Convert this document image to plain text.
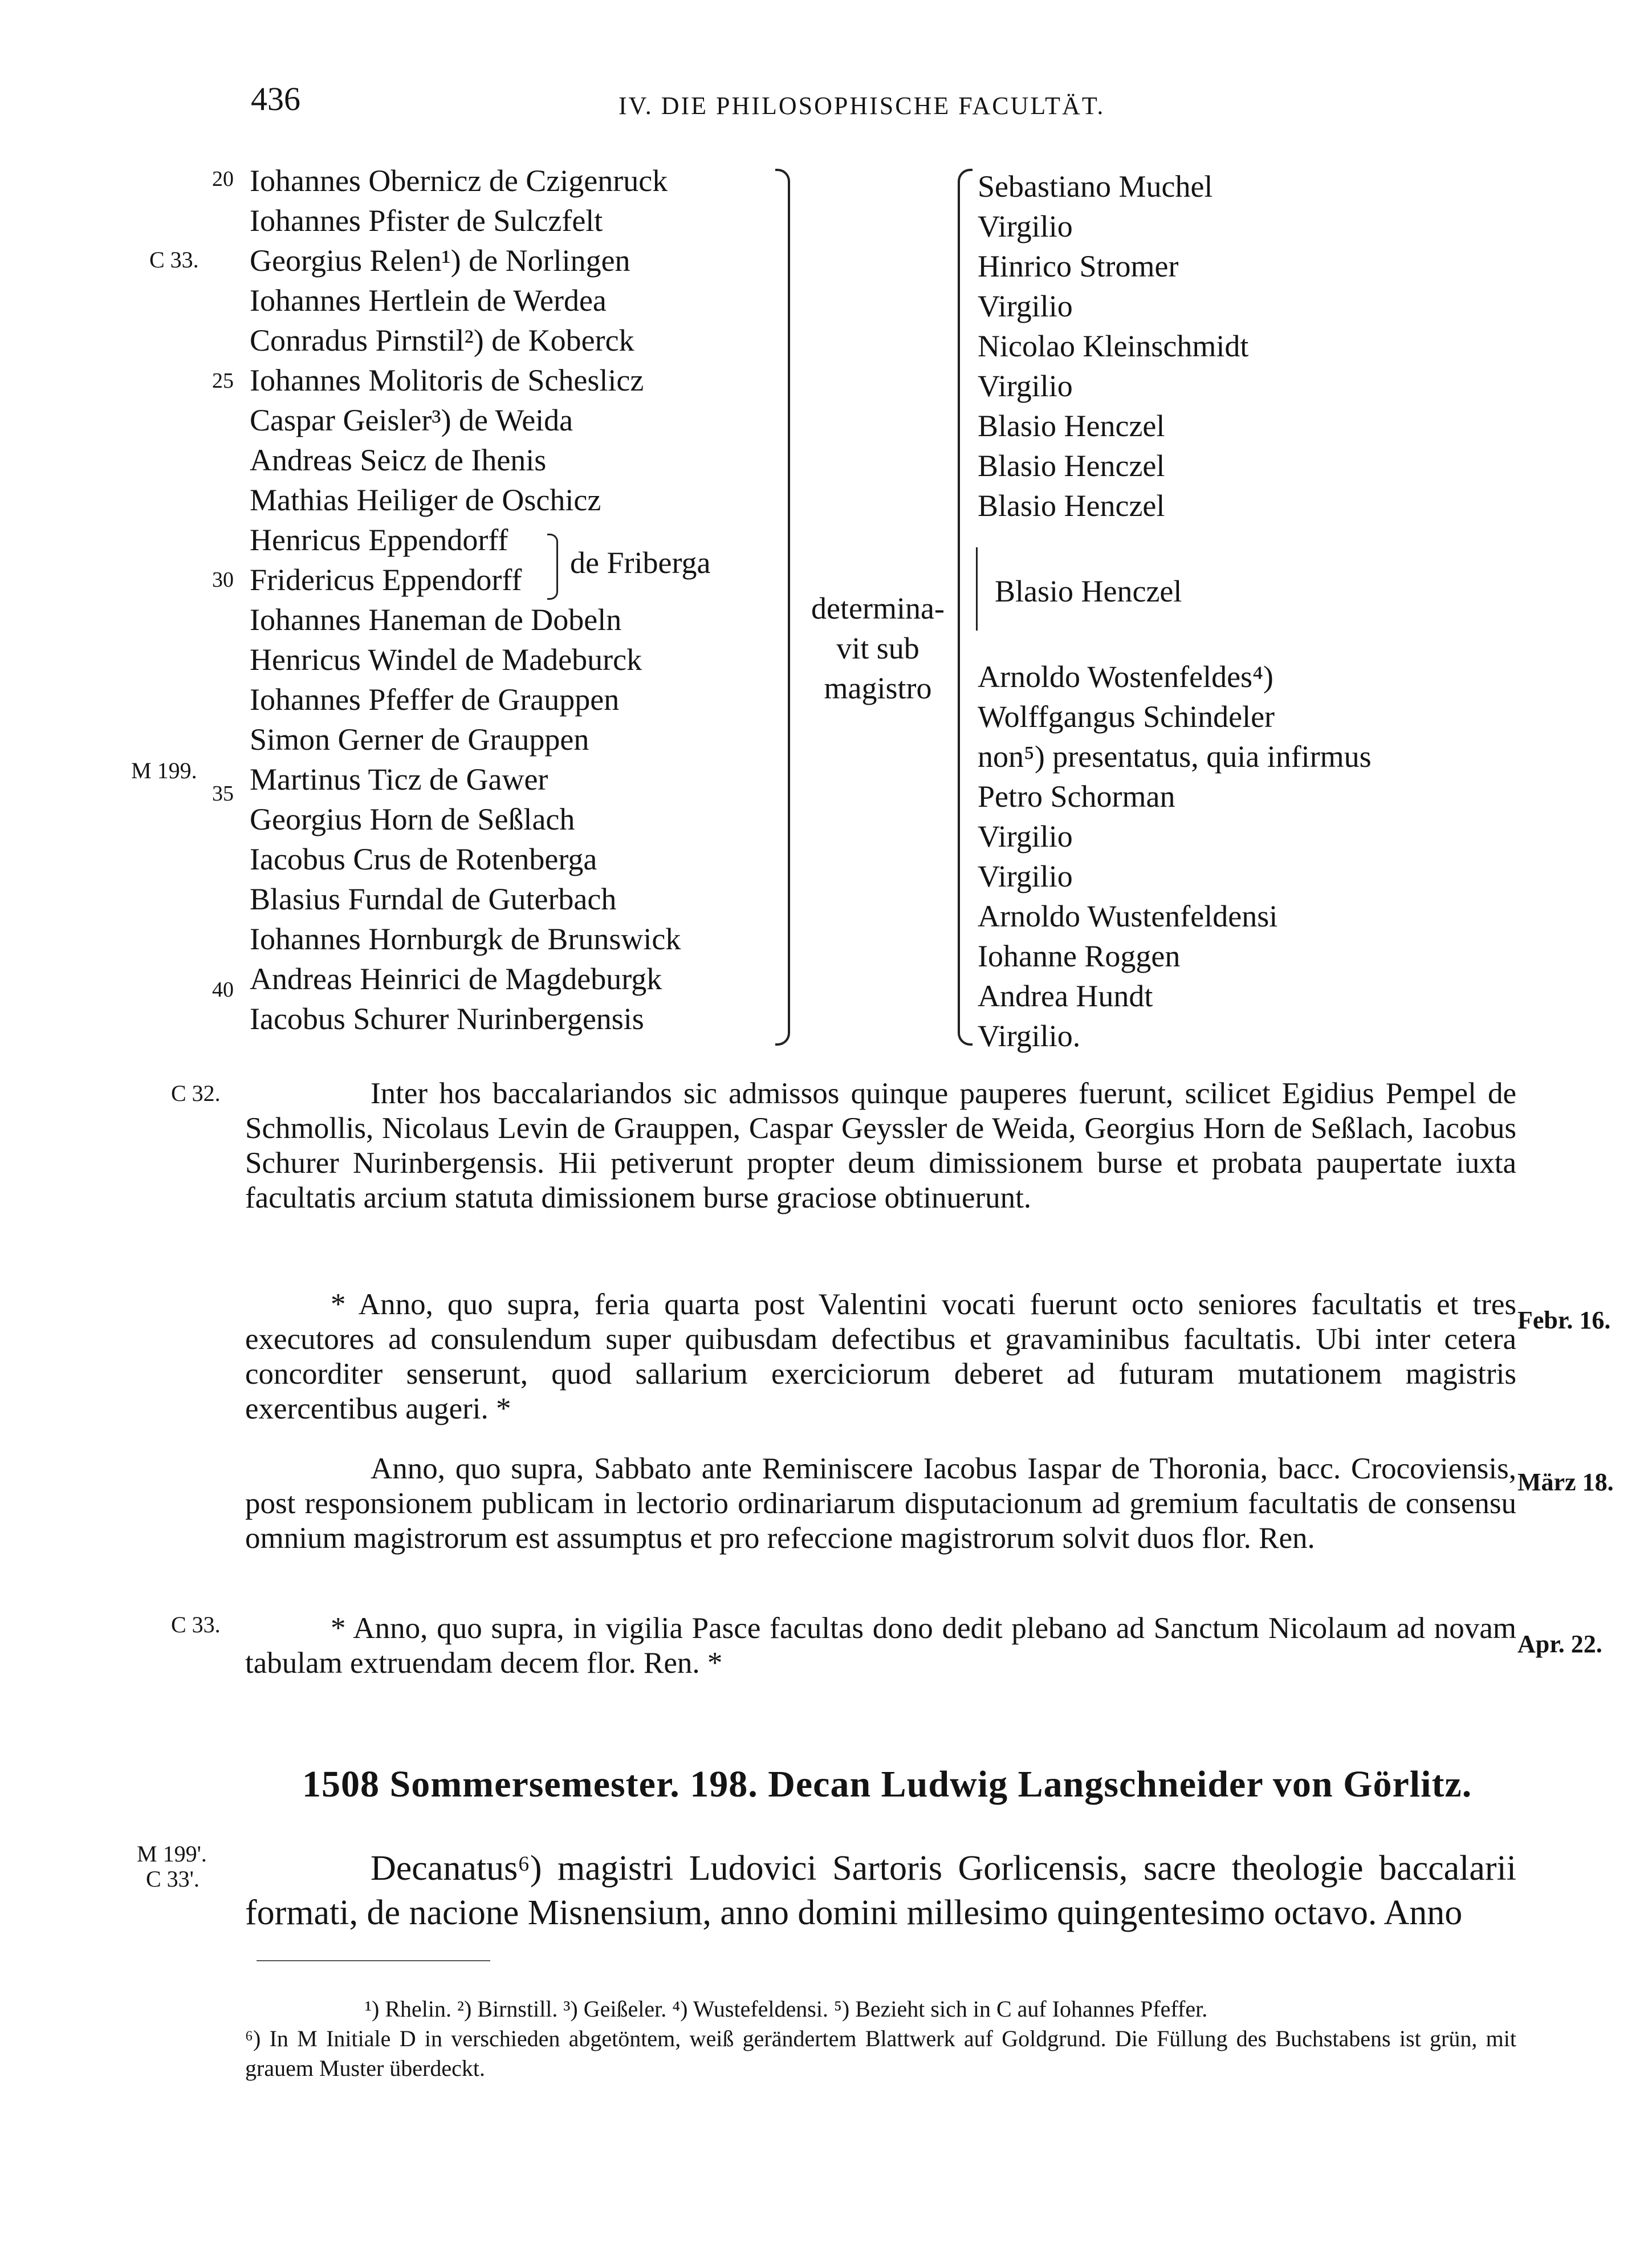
436	IV. DIE PHILOSOPHISCHE FACULTÄT.
20
C 33.
25
30
M 199.
35
40
Iohannes Obernicz de Czigenruck
Iohannes Pfister de Sulczfelt
Georgius Relen¹) de Norlingen
Iohannes Hertlein de Werdea
Conradus Pirnstil²) de Koberck
Iohannes Molitoris de Scheslicz
Caspar Geisler³) de Weida
Andreas Seicz de Ihenis
Mathias Heiliger de Oschicz
Henricus Eppendorff
Fridericus Eppendorff
Iohannes Haneman de Dobeln
Henricus Windel de Madeburck
Iohannes Pfeffer de Grauppen
Simon Gerner de Grauppen
Martinus Ticz de Gawer
Georgius Horn de Seßlach
Iacobus Crus de Rotenberga
Blasius Furndal de Guterbach
Iohannes Hornburgk de Brunswick
Andreas Heinrici de Magdeburgk
Iacobus Schurer Nurinbergensis
de Friberga
determina-
vit sub
magistro
Sebastiano Muchel
Virgilio
Hinrico Stromer
Virgilio
Nicolao Kleinschmidt
Virgilio
Blasio Henczel
Blasio Henczel
Blasio Henczel
Blasio Henczel
Arnoldo Wostenfeldes⁴)
Wolffgangus Schindeler
non⁵) presentatus, quia infirmus
Petro Schorman
Virgilio
Virgilio
Arnoldo Wustenfeldensi
Iohanne Roggen
Andrea Hundt
Virgilio.
C 32.	Inter hos baccalariandos sic admissos quinque pauperes fuerunt, scilicet Egidius Pempel de Schmollis, Nicolaus Levin de Grauppen, Caspar Geyssler de Weida, Georgius Horn de Seßlach, Iacobus Schurer Nurinbergensis. Hii petiverunt propter deum dimissionem burse et probata paupertate iuxta facultatis arcium statuta dimissionem burse graciose obtinuerunt.
* Anno, quo supra, feria quarta post Valentini vocati fuerunt octo seniores facultatis et tres executores ad consulendum super quibusdam defectibus et gravaminibus facultatis. Ubi inter cetera concorditer senserunt, quod sallarium exerciciorum deberet ad futuram mutationem magistris exercentibus augeri. *
Febr. 16.
Anno, quo supra, Sabbato ante Reminiscere Iacobus Iaspar de Thoronia, bacc. Crocoviensis, post responsionem publicam in lectorio ordinariarum disputacionum ad gremium facultatis de consensu omnium magistrorum est assumptus et pro refeccione magistrorum solvit duos flor. Ren.
März 18.
C 33.	* Anno, quo supra, in vigilia Pasce facultas dono dedit plebano ad Sanctum Nicolaum ad novam tabulam extruendam decem flor. Ren. *
Apr. 22.
1508 Sommersemester. 198. Decan Ludwig Langschneider von Görlitz.
M 199'.
C 33'.	Decanatus⁶) magistri Ludovici Sartoris Gorlicensis, sacre theologie baccalarii formati, de nacione Misnensium, anno domini millesimo quingentesimo octavo. Anno
¹) Rhelin. ²) Birnstill. ³) Geißeler. ⁴) Wustefeldensi. ⁵) Bezieht sich in C auf Iohannes Pfeffer.
⁶) In M Initiale D in verschieden abgetöntem, weiß gerändertem Blattwerk auf Goldgrund. Die Füllung des Buchstabens ist grün, mit grauem Muster überdeckt.
